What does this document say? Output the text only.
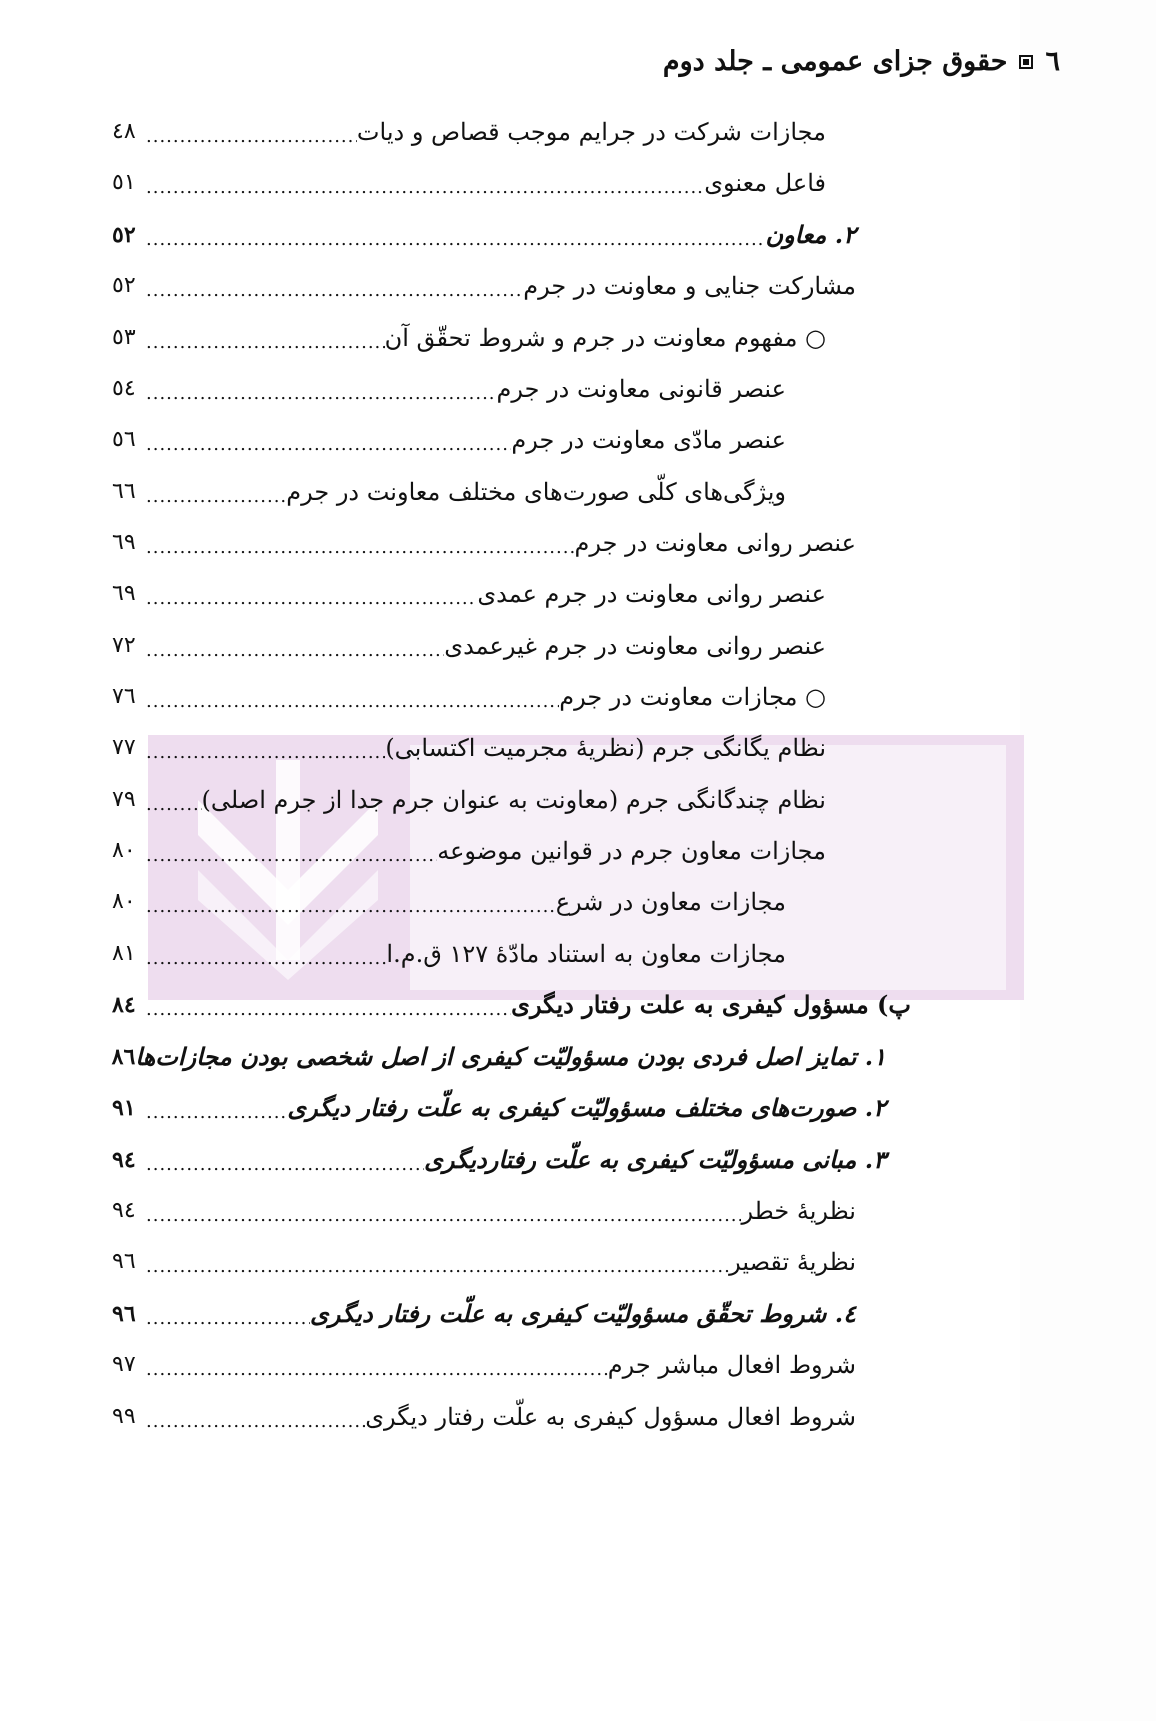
٦
حقوق جزای عمومی ـ جلد دوم
مجازات شرکت در جرایم موجب قصاص و دیات
.....
٤٨
فاعل معنوی
.....
٥١
۲. معاون
.....
٥٢
مشارکت جنایی و معاونت در جرم
.....
٥٢
○ مفهوم معاونت در جرم و شروط تحقّق آن
.....
٥٣
عنصر قانونی معاونت در جرم
.....
٥٤
عنصر مادّی معاونت در جرم
.....
٥٦
ویژگی‌های کلّی صورت‌های مختلف معاونت در جرم
.....
٦٦
عنصر روانی معاونت در جرم
.....
٦٩
عنصر روانی معاونت در جرم عمدی
.....
٦٩
عنصر روانی معاونت در جرم غیرعمدی
.....
۷۲
○ مجازات معاونت در جرم
.....
۷٦
نظام یگانگی جرم (نظریهٔ مجرمیت اکتسابی)
.....
۷۷
نظام چندگانگی جرم (معاونت به عنوان جرم جدا از جرم اصلی)
.....
۷۹
مجازات معاون جرم در قوانین موضوعه
.....
۸۰
مجازات معاون در شرع
.....
۸۰
مجازات معاون به استناد مادّهٔ ۱۲۷ ق.م.ا
.....
۸۱
پ) مسؤول کیفری به علت رفتار دیگری
.....
۸٤
۱. تمایز اصل فردی بودن مسؤولیّت کیفری از اصل شخصی بودن مجازات‌ها
۸٦
۲. صورت‌های مختلف مسؤولیّت کیفری به علّت رفتار دیگری
.....
۹۱
۳. مبانی مسؤولیّت کیفری به علّت رفتاردیگری
.....
۹٤
نظریهٔ خطر
.....
۹٤
نظریهٔ تقصیر
.....
۹٦
٤. شروط تحقّق مسؤولیّت کیفری به علّت رفتار دیگری
.....
۹٦
شروط افعال مباشر جرم
.....
۹۷
شروط افعال مسؤول کیفری به علّت رفتار دیگری
.....
۹۹
